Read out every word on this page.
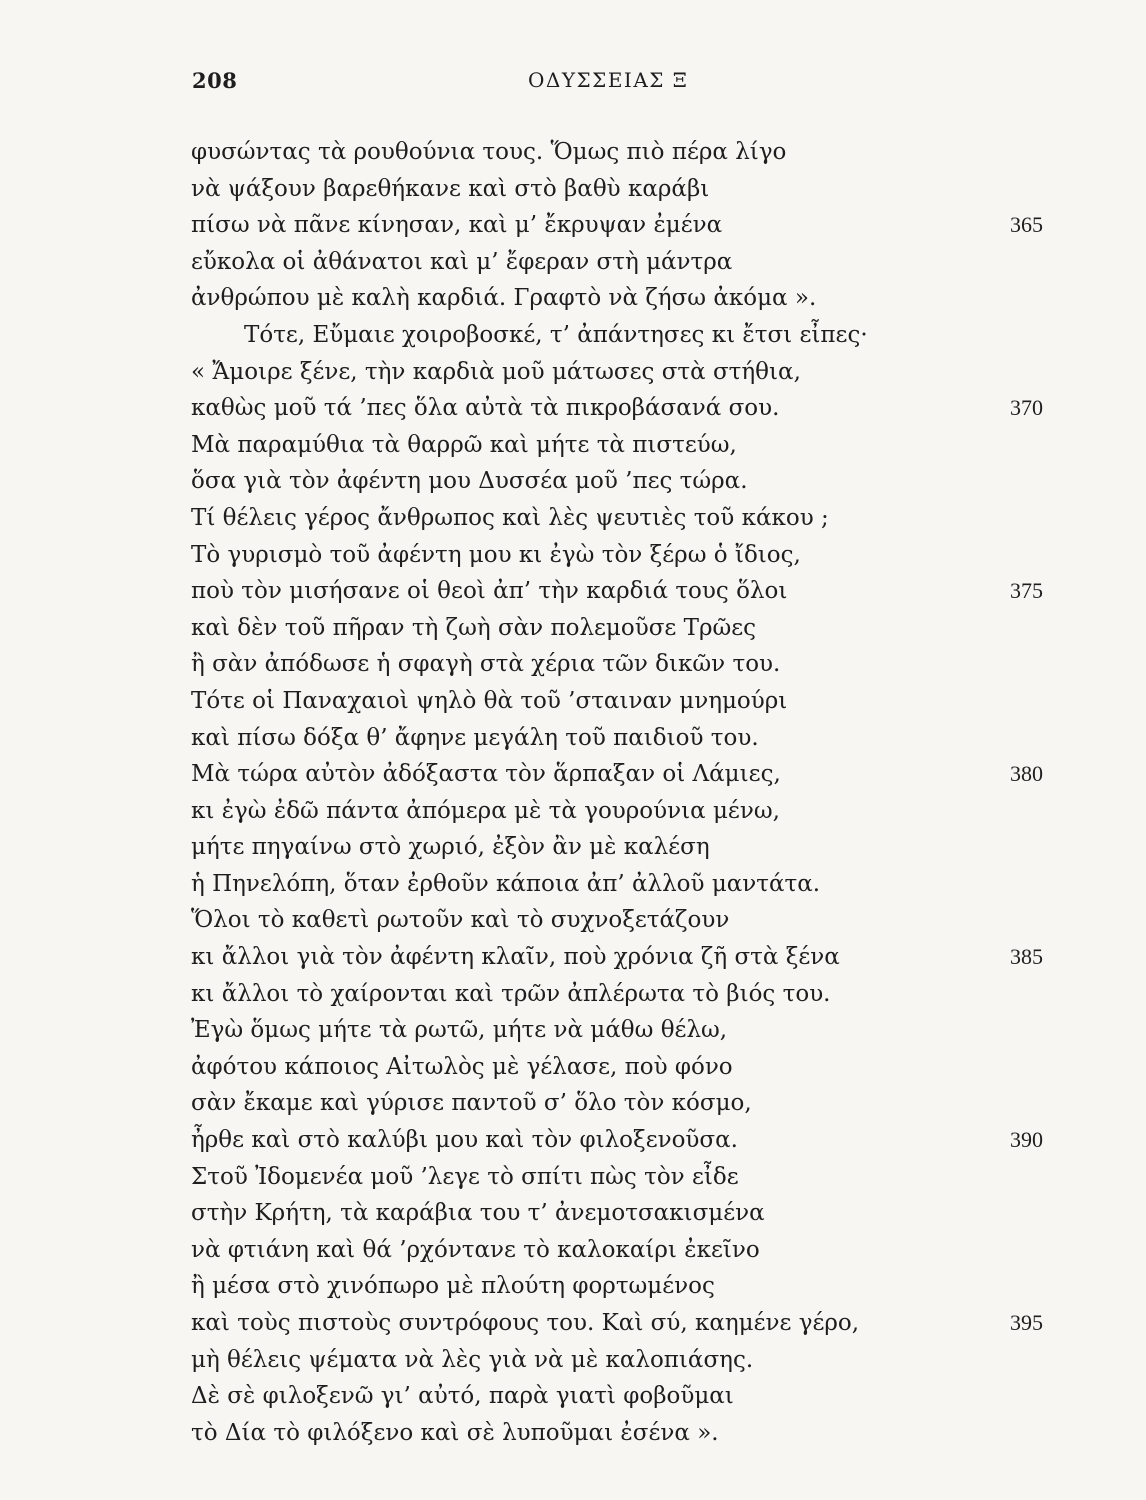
208	ΟΔΥΣΣΕΙΑΣ Ξ
φυσώντας τὰ ρουθούνια τους. Ὅμως πιὸ πέρα λίγο
νὰ ψάξουν βαρεθήκανε καὶ στὸ βαθὺ καράβι
πίσω νὰ πᾶνε κίνησαν, καὶ μ’ ἔκρυψαν ἐμένα	365
εὔκολα οἱ ἀθάνατοι καὶ μ’ ἔφεραν στὴ μάντρα
ἀνθρώπου μὲ καλὴ καρδιά. Γραφτὸ νὰ ζήσω ἀκόμα ».
Τότε, Εὔμαιε χοιροβοσκέ, τ’ ἀπάντησες κι ἔτσι εἶπες·
« Ἄμοιρε ξένε, τὴν καρδιὰ μοῦ μάτωσες στὰ στήθια,
καθὼς μοῦ τά ’πες ὅλα αὐτὰ τὰ πικροβάσανά σου.	370
Μὰ παραμύθια τὰ θαρρῶ καὶ μήτε τὰ πιστεύω,
ὅσα γιὰ τὸν ἀφέντη μου Δυσσέα μοῦ ’πες τώρα.
Τί θέλεις γέρος ἄνθρωπος καὶ λὲς ψευτιὲς τοῦ κάκου ;
Τὸ γυρισμὸ τοῦ ἀφέντη μου κι ἐγὼ τὸν ξέρω ὁ ἴδιος,
ποὺ τὸν μισήσανε οἱ θεοὶ ἀπ’ τὴν καρδιά τους ὅλοι	375
καὶ δὲν τοῦ πῆραν τὴ ζωὴ σὰν πολεμοῦσε Τρῶες
ἢ σὰν ἀπόδωσε ἡ σφαγὴ στὰ χέρια τῶν δικῶν του.
Τότε οἱ Παναχαιοὶ ψηλὸ θὰ τοῦ ’σταιναν μνημούρι
καὶ πίσω δόξα θ’ ἄφηνε μεγάλη τοῦ παιδιοῦ του.
Μὰ τώρα αὐτὸν ἀδόξαστα τὸν ἅρπαξαν οἱ Λάμιες,	380
κι ἐγὼ ἐδῶ πάντα ἀπόμερα μὲ τὰ γουρούνια μένω,
μήτε πηγαίνω στὸ χωριό, ἐξὸν ἂν μὲ καλέση
ἡ Πηνελόπη, ὅταν ἐρθοῦν κάποια ἀπ’ ἀλλοῦ μαντάτα.
Ὅλοι τὸ καθετὶ ρωτοῦν καὶ τὸ συχνοξετάζουν
κι ἄλλοι γιὰ τὸν ἀφέντη κλαῖν, ποὺ χρόνια ζῆ στὰ ξένα	385
κι ἄλλοι τὸ χαίρονται καὶ τρῶν ἀπλέρωτα τὸ βιός του.
Ἐγὼ ὅμως μήτε τὰ ρωτῶ, μήτε νὰ μάθω θέλω,
ἀφότου κάποιος Αἰτωλὸς μὲ γέλασε, ποὺ φόνο
σὰν ἔκαμε καὶ γύρισε παντοῦ σ’ ὅλο τὸν κόσμο,
ἦρθε καὶ στὸ καλύβι μου καὶ τὸν φιλοξενοῦσα.	390
Στοῦ Ἰδομενέα μοῦ ’λεγε τὸ σπίτι πὼς τὸν εἶδε
στὴν Κρήτη, τὰ καράβια του τ’ ἀνεμοτσακισμένα
νὰ φτιάνη καὶ θά ’ρχόντανε τὸ καλοκαίρι ἐκεῖνο
ἢ μέσα στὸ χινόπωρο μὲ πλούτη φορτωμένος
καὶ τοὺς πιστοὺς συντρόφους του. Καὶ σύ, καημένε γέρο,	395
μὴ θέλεις ψέματα νὰ λὲς γιὰ νὰ μὲ καλοπιάσης.
Δὲ σὲ φιλοξενῶ γι’ αὐτό, παρὰ γιατὶ φοβοῦμαι
τὸ Δία τὸ φιλόξενο καὶ σὲ λυποῦμαι ἐσένα ».
